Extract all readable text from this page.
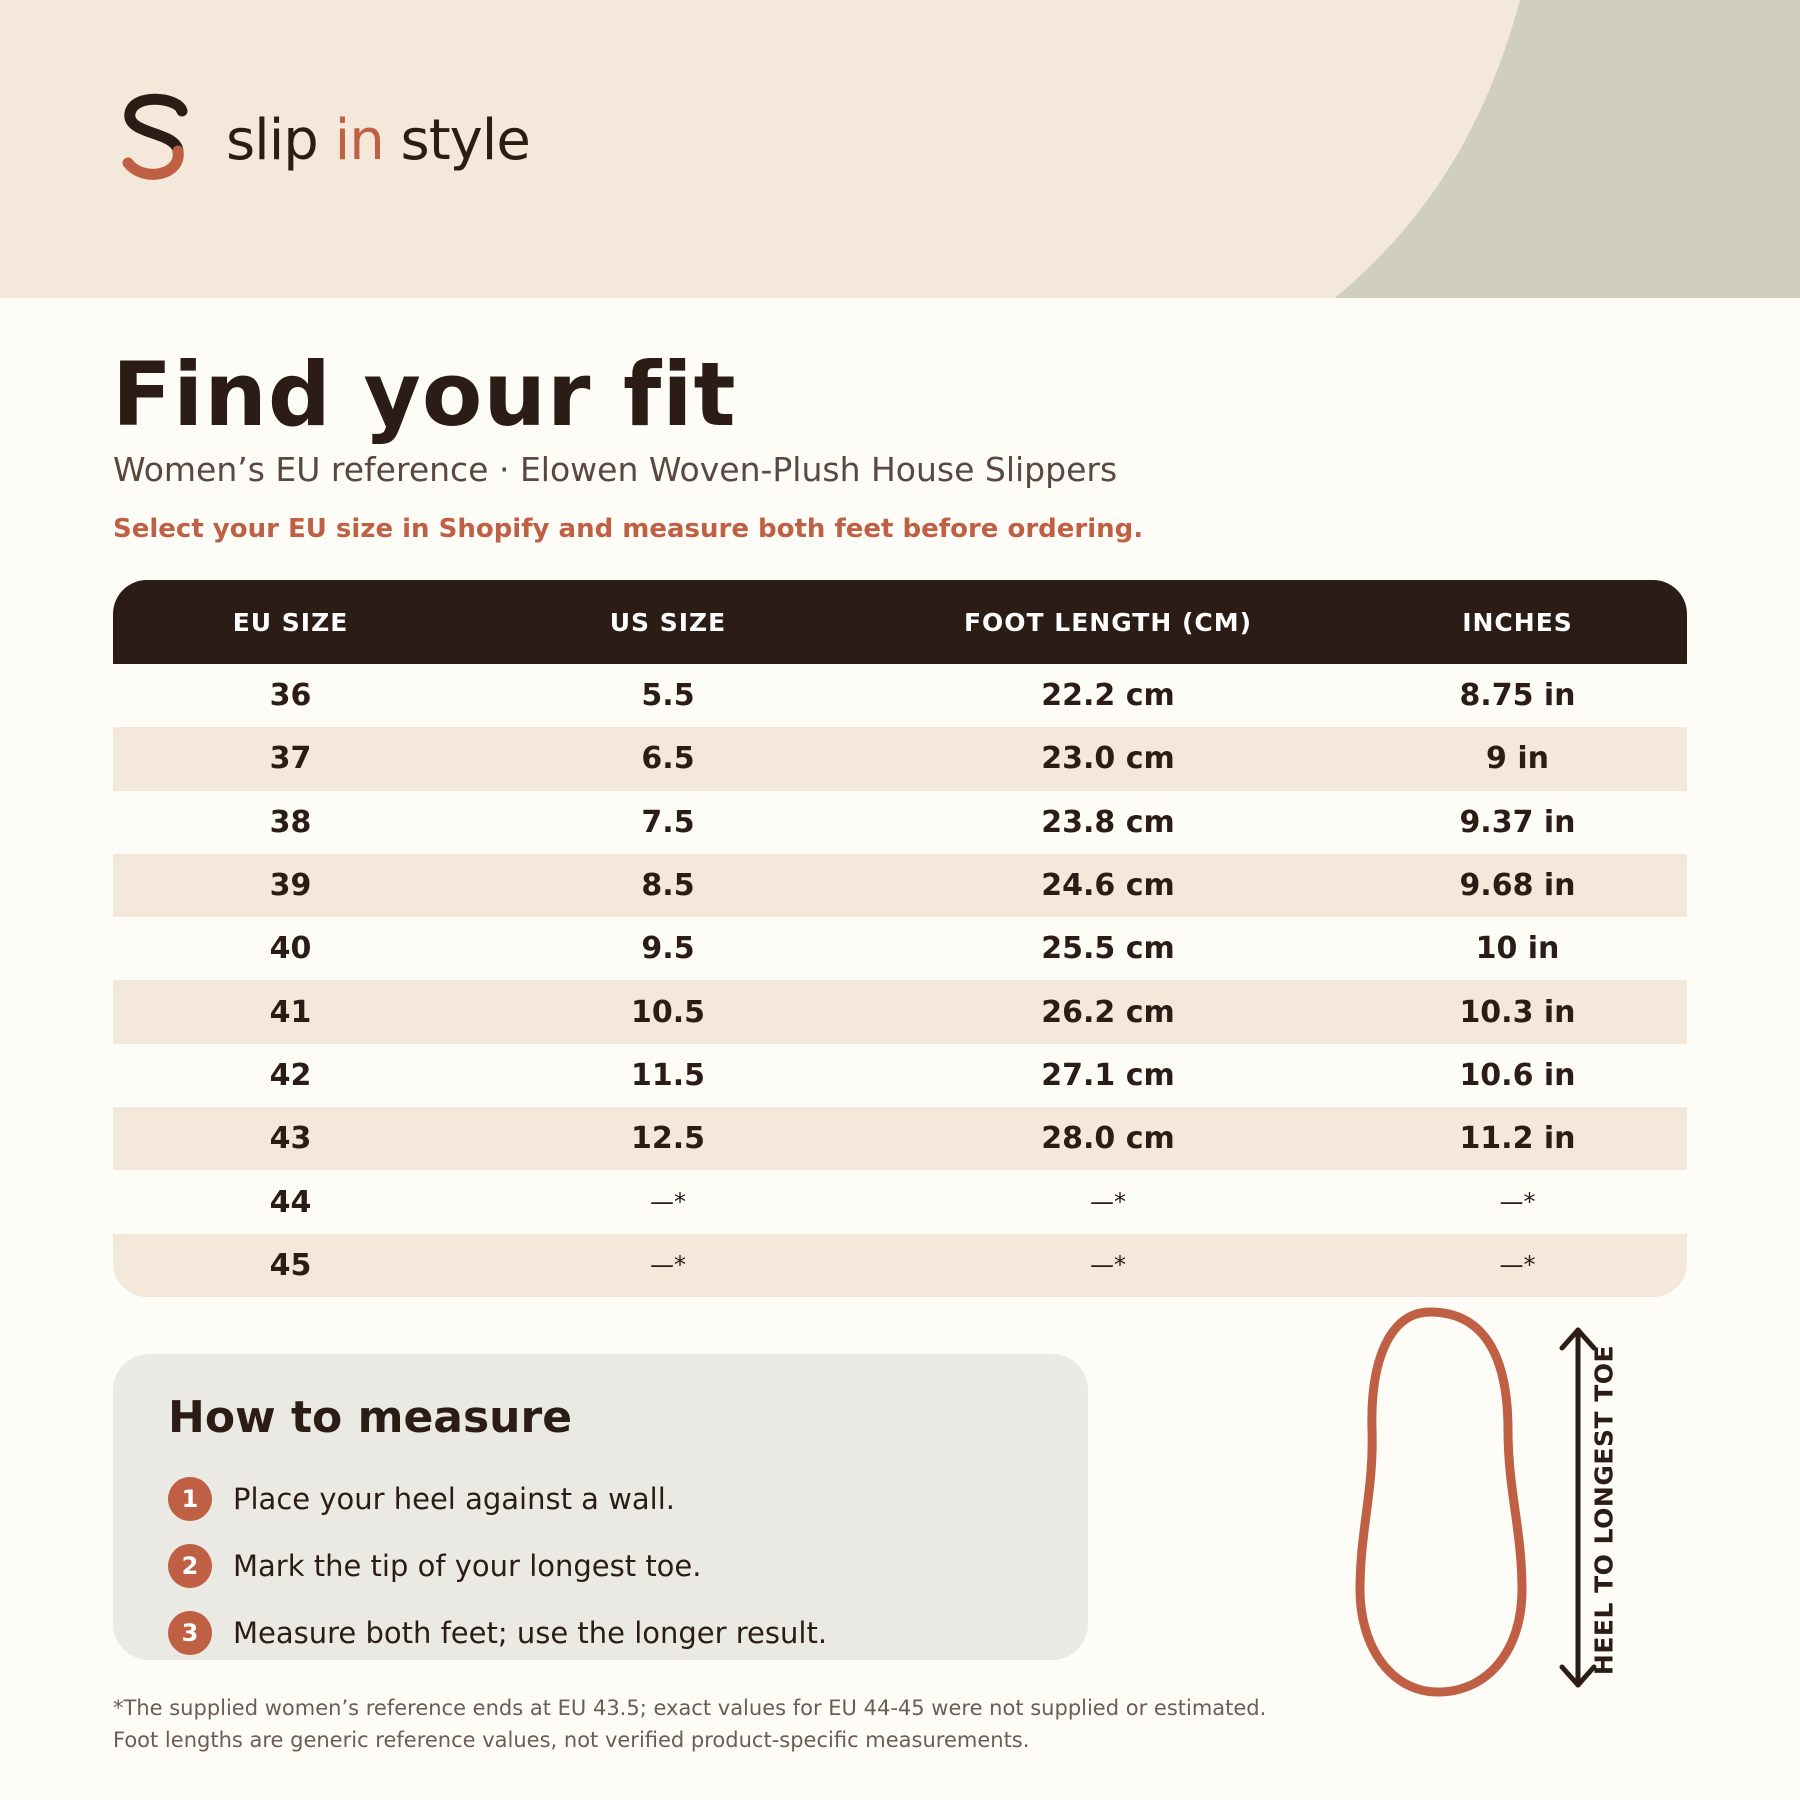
slip in style
Find your fit

Women’s EU reference · Elowen Woven-Plush House Slippers

Select your EU size in Shopify and measure both feet before ordering.

EU SIZE	US SIZE	FOOT LENGTH (CM)	INCHES
36	5.5	22.2 cm	8.75 in
37	6.5	23.0 cm	9 in
38	7.5	23.8 cm	9.37 in
39	8.5	24.6 cm	9.68 in
40	9.5	25.5 cm	10 in
41	10.5	26.2 cm	10.3 in
42	11.5	27.1 cm	10.6 in
43	12.5	28.0 cm	11.2 in
44	—*	—*	—*
45	—*	—*	—*
How to measure
1	Place your heel against a wall.
2	Mark the tip of your longest toe.
3	Measure both feet; use the longer result.	HEEL TO LONGEST TOE

*The supplied women’s reference ends at EU 43.5; exact values for EU 44-45 were not supplied or estimated.
Foot lengths are generic reference values, not verified product-specific measurements.
